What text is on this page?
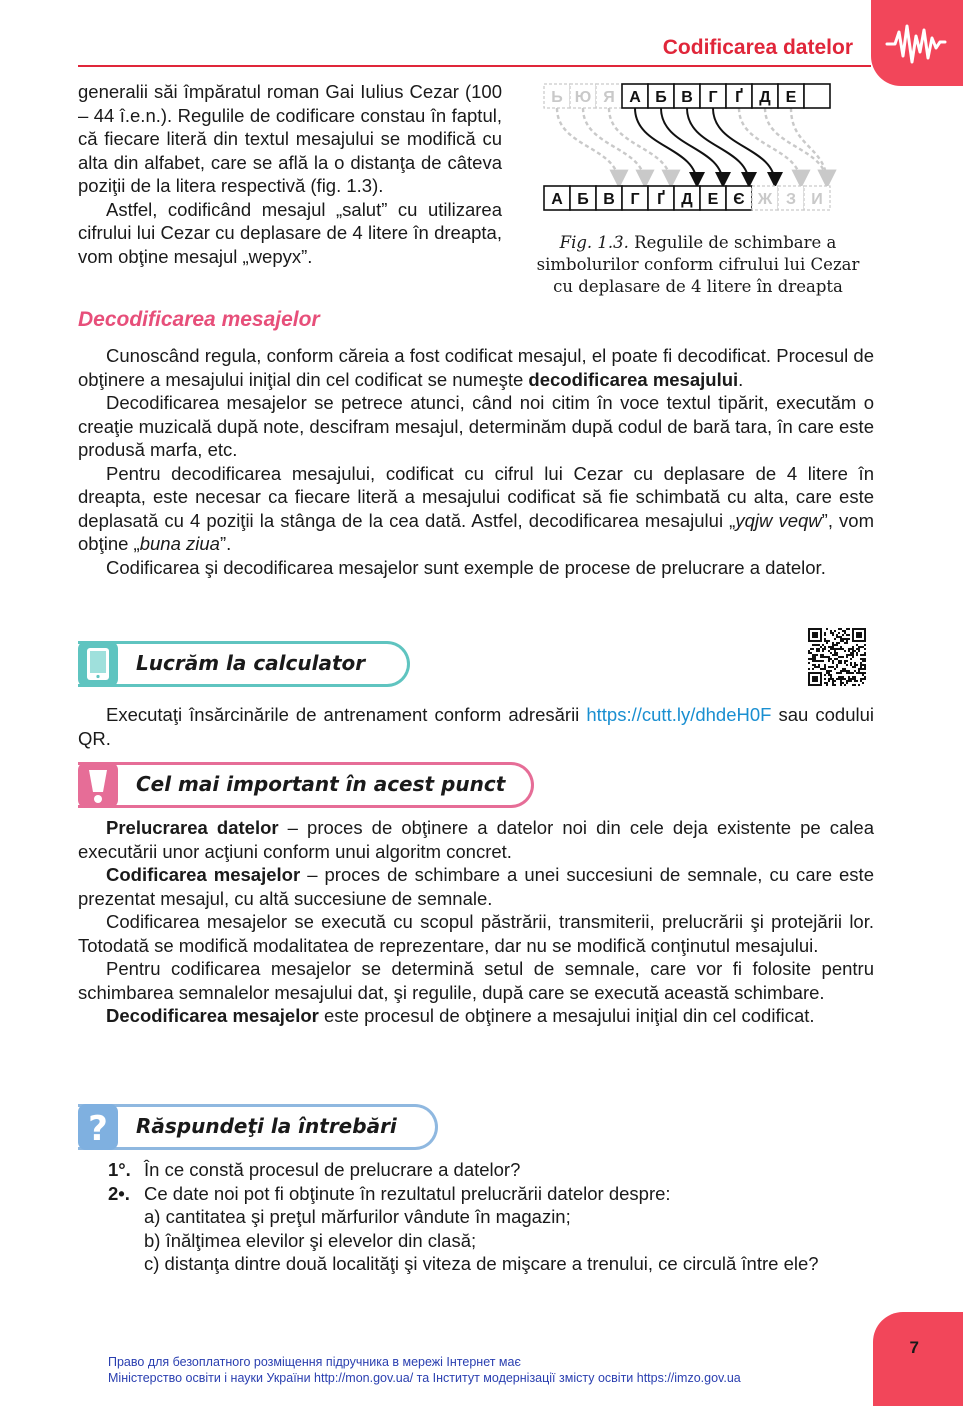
Codificarea datelor
generalii săi împăratul roman Gai Iulius Cezar (100 – 44 î.e.n.). Regulile de codificare constau în faptul, că fiecare literă din textul mesajului se modifică cu alta din alfabet, care se află la o distanţa de câteva poziţii de la litera respectivă (fig. 1.3).
Astfel, codificând mesajul „salut” cu utilizarea cifrului lui Cezar cu deplasare de 4 litere în dreapta, vom obţine mesajul „wepyx”.
Ь Ю Я А Б В Г Ґ Д Е
А Б В Г Ґ Д Е Є Ж З И
Fig. 1.3. Regulile de schimbare a simbolurilor conform cifrului lui Cezar cu deplasare de 4 litere în dreapta
Decodificarea mesajelor
Cunoscând regula, conform căreia a fost codificat mesajul, el poate fi decodificat. Procesul de obţinere a mesajului iniţial din cel codificat se numeşte decodificarea mesajului.
Decodificarea mesajelor se petrece atunci, când noi citim în voce textul tipărit, executăm o creaţie muzicală după note, descifram mesajul, determinăm după codul de bară tara, în care este produsă marfa, etc.
Pentru decodificarea mesajului, codificat cu cifrul lui Cezar cu deplasare de 4 litere în dreapta, este necesar ca fiecare literă a mesajului codificat să fie schimbată cu alta, care este deplasată cu 4 poziţii la stânga de la cea dată. Astfel, decodificarea mesajului „yqjw veqw”, vom obţine „buna ziua”.
Codificarea şi decodificarea mesajelor sunt exemple de procese de prelucrare a datelor.
Lucrăm la calculator
Executaţi însărcinările de antrenament conform adresării https://cutt.ly/dhdeH0F sau codului QR.
Cel mai important în acest punct
Prelucrarea datelor – proces de obţinere a datelor noi din cele deja existente pe calea executării unor acţiuni conform unui algoritm concret.
Codificarea mesajelor – proces de schimbare a unei succesiuni de semnale, cu care este prezentat mesajul, cu altă succesiune de semnale.
Codificarea mesajelor se execută cu scopul păstrării, transmiterii, prelucrării şi protejării lor. Totodată se modifică modalitatea de reprezentare, dar nu se modifică conţinutul mesajului.
Pentru codificarea mesajelor se determină setul de semnale, care vor fi folosite pentru schimbarea semnalelor mesajului dat, şi regulile, după care se execută această schimbare.
Decodificarea mesajelor este procesul de obţinere a mesajului iniţial din cel codificat.
? Răspundeţi la întrebări
1°. În ce constă procesul de prelucrare a datelor?
2•. Ce date noi pot fi obţinute în rezultatul prelucrării datelor despre:
a) cantitatea şi preţul mărfurilor vândute în magazin;
b) înălţimea elevilor şi elevelor din clasă;
c) distanţa dintre două localităţi şi viteza de mişcare a trenului, ce circulă între ele?
7
Право для безоплатного розміщення підручника в мережі Інтернет має
Міністерство освіти і науки України http://mon.gov.ua/ та Інститут модернізації змісту освіти https://imzo.gov.ua
